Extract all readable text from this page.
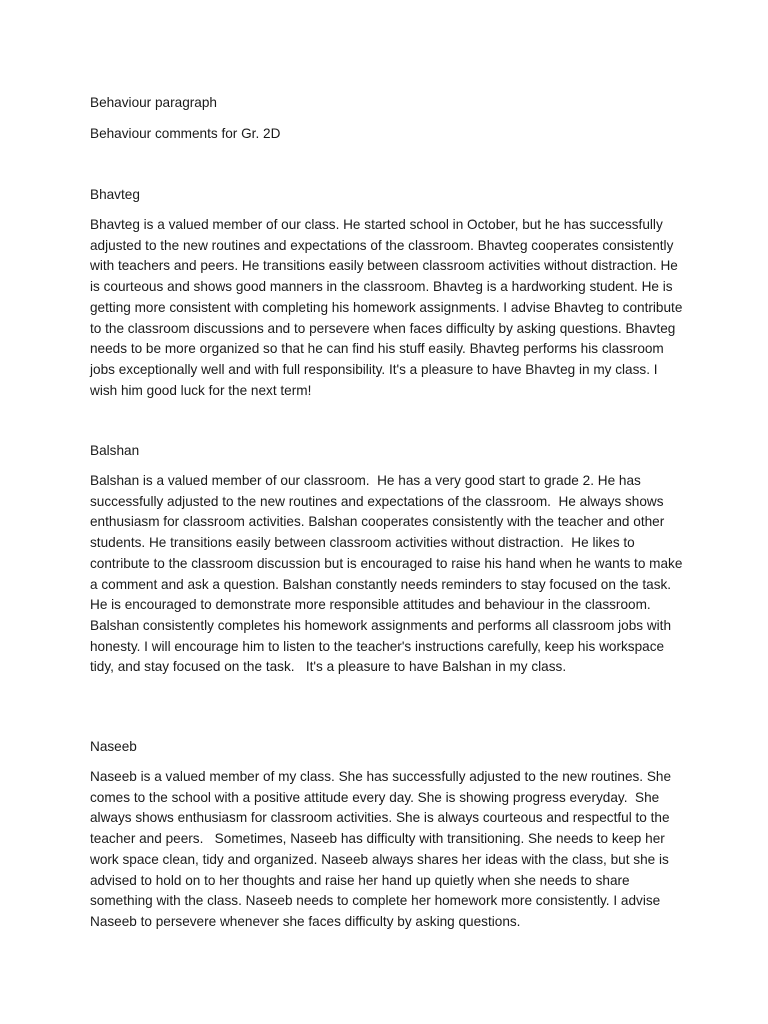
Behaviour paragraph

Behaviour comments for Gr. 2D

Bhavteg

Bhavteg is a valued member of our class. He started school in October, but he has successfully adjusted to the new routines and expectations of the classroom. Bhavteg cooperates consistently with teachers and peers. He transitions easily between classroom activities without distraction. He is courteous and shows good manners in the classroom. Bhavteg is a hardworking student. He is getting more consistent with completing his homework assignments. I advise Bhavteg to contribute to the classroom discussions and to persevere when faces difficulty by asking questions. Bhavteg needs to be more organized so that he can find his stuff easily. Bhavteg performs his classroom jobs exceptionally well and with full responsibility. It's a pleasure to have Bhavteg in my class. I wish him good luck for the next term!

Balshan

Balshan is a valued member of our classroom.  He has a very good start to grade 2. He has successfully adjusted to the new routines and expectations of the classroom.  He always shows enthusiasm for classroom activities. Balshan cooperates consistently with the teacher and other students. He transitions easily between classroom activities without distraction.  He likes to contribute to the classroom discussion but is encouraged to raise his hand when he wants to make a comment and ask a question. Balshan constantly needs reminders to stay focused on the task.  He is encouraged to demonstrate more responsible attitudes and behaviour in the classroom. Balshan consistently completes his homework assignments and performs all classroom jobs with honesty. I will encourage him to listen to the teacher's instructions carefully, keep his workspace tidy, and stay focused on the task.   It's a pleasure to have Balshan in my class.

Naseeb

Naseeb is a valued member of my class. She has successfully adjusted to the new routines. She comes to the school with a positive attitude every day. She is showing progress everyday.  She always shows enthusiasm for classroom activities. She is always courteous and respectful to the teacher and peers.   Sometimes, Naseeb has difficulty with transitioning. She needs to keep her work space clean, tidy and organized. Naseeb always shares her ideas with the class, but she is advised to hold on to her thoughts and raise her hand up quietly when she needs to share something with the class. Naseeb needs to complete her homework more consistently. I advise Naseeb to persevere whenever she faces difficulty by asking questions.
